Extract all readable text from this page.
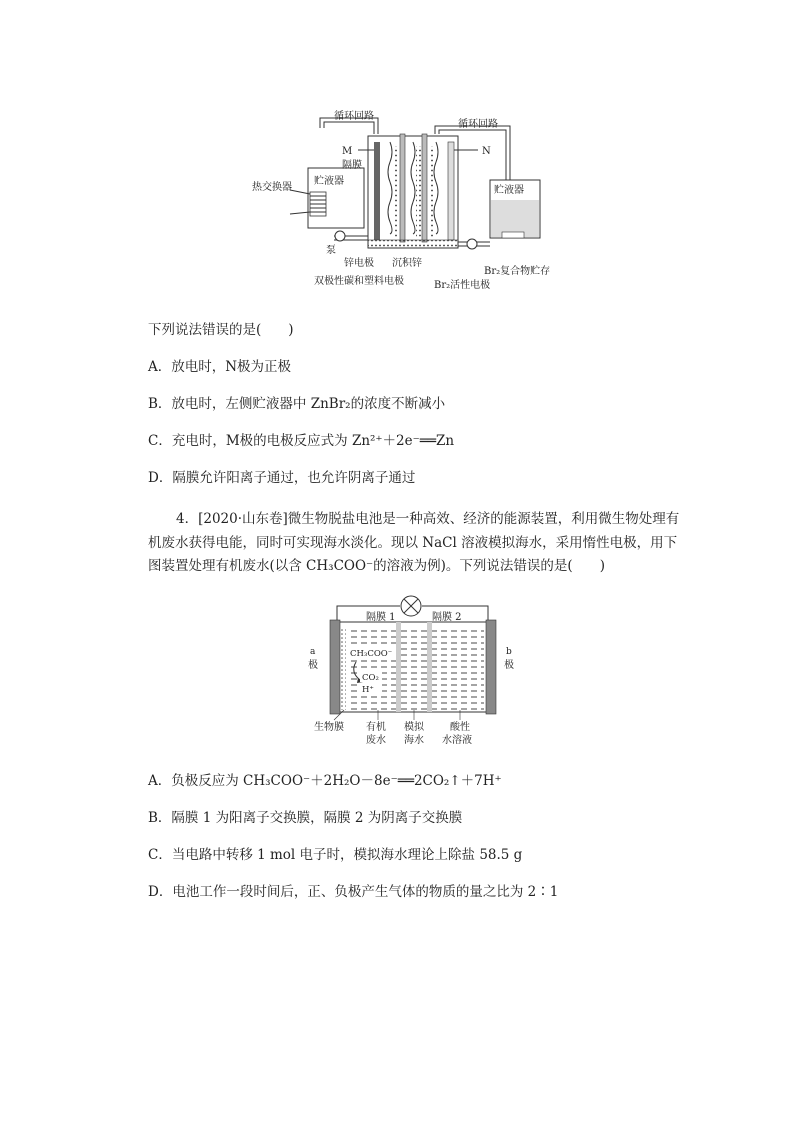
循环回路
循环回路
M	N
隔膜
贮液器
热交换器	贮液器
泵
锌电极 沉积锌
双极性碳和塑料电极	Br₂活性电极
Br₂复合物贮存
下列说法错误的是(　　)
A．放电时，N极为正极
B．放电时，左侧贮液器中 ZnBr₂的浓度不断减小
C．充电时，M极的电极反应式为 Zn²⁺＋2e⁻══Zn
D．隔膜允许阳离子通过，也允许阴离子通过
4．[2020·山东卷]微生物脱盐电池是一种高效、经济的能源装置，利用微生物处理有机废水获得电能，同时可实现海水淡化。现以 NaCl 溶液模拟海水，采用惰性电极，用下图装置处理有机废水(以含 CH₃COO⁻的溶液为例)。下列说法错误的是(　　)
隔膜 1	隔膜 2
a
极
b
极
CH₃COO⁻
CO₂
H⁺
生物膜 有机
废水
模拟
海水
酸性
水溶液
A．负极反应为 CH₃COO⁻＋2H₂O－8e⁻══2CO₂↑＋7H⁺
B．隔膜 1 为阳离子交换膜，隔膜 2 为阴离子交换膜
C．当电路中转移 1 mol 电子时，模拟海水理论上除盐 58.5 g
D．电池工作一段时间后，正、负极产生气体的物质的量之比为 2∶1
